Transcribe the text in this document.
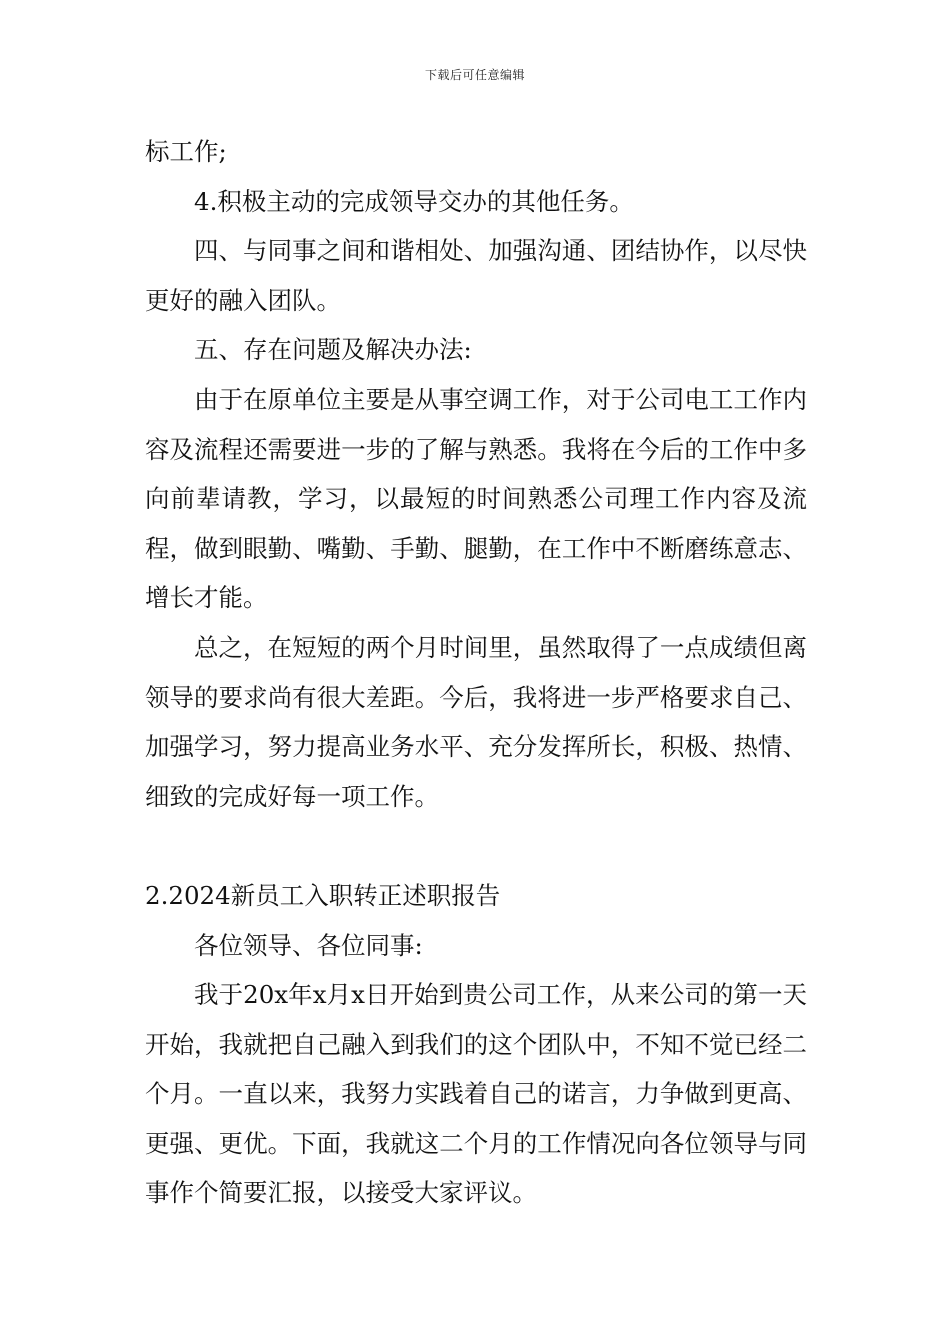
下载后可任意编辑

标工作;

4.积极主动的完成领导交办的其他任务。

四、与同事之间和谐相处、加强沟通、团结协作，以尽快更好的融入团队。

五、存在问题及解决办法:

由于在原单位主要是从事空调工作，对于公司电工工作内容及流程还需要进一步的了解与熟悉。我将在今后的工作中多向前辈请教，学习，以最短的时间熟悉公司理工作内容及流程，做到眼勤、嘴勤、手勤、腿勤，在工作中不断磨练意志、增长才能。

总之，在短短的两个月时间里，虽然取得了一点成绩但离领导的要求尚有很大差距。今后，我将进一步严格要求自己、加强学习，努力提高业务水平、充分发挥所长，积极、热情、细致的完成好每一项工作。

2.2024新员工入职转正述职报告

各位领导、各位同事:

我于20x年x月x日开始到贵公司工作，从来公司的第一天开始，我就把自己融入到我们的这个团队中，不知不觉已经二个月。一直以来，我努力实践着自己的诺言，力争做到更高、更强、更优。下面，我就这二个月的工作情况向各位领导与同事作个简要汇报，以接受大家评议。
